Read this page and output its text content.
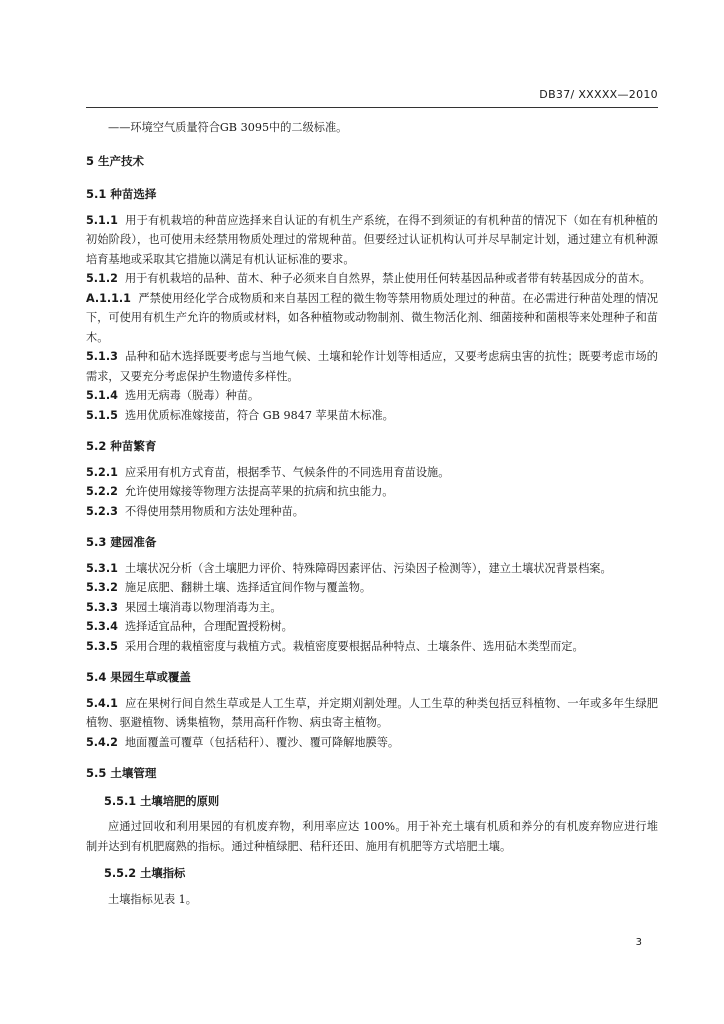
DB37/ XXXXX—2010

——环境空气质量符合GB 3095中的二级标准。

5 生产技术
5.1 种苗选择

5.1.1 用于有机栽培的种苗应选择来自认证的有机生产系统，在得不到须证的有机种苗的情况下（如在有机种植的初始阶段），也可使用未经禁用物质处理过的常规种苗。但要经过认证机构认可并尽早制定计划，通过建立有机种源培育基地或采取其它措施以满足有机认证标准的要求。

5.1.2 用于有机栽培的品种、苗木、种子必须来自自然界，禁止使用任何转基因品种或者带有转基因成分的苗木。

A.1.1.1 严禁使用经化学合成物质和来自基因工程的微生物等禁用物质处理过的种苗。在必需进行种苗处理的情况下，可使用有机生产允许的物质或材料，如各种植物或动物制剂、微生物活化剂、细菌接种和菌根等来处理种子和苗木。

5.1.3 品种和砧木选择既要考虑与当地气候、土壤和轮作计划等相适应，又要考虑病虫害的抗性；既要考虑市场的需求，又要充分考虑保护生物遗传多样性。

5.1.4 选用无病毒（脱毒）种苗。

5.1.5 选用优质标准嫁接苗，符合 GB 9847 苹果苗木标准。

5.2 种苗繁育

5.2.1 应采用有机方式育苗，根据季节、气候条件的不同选用育苗设施。

5.2.2 允许使用嫁接等物理方法提高苹果的抗病和抗虫能力。

5.2.3 不得使用禁用物质和方法处理种苗。

5.3 建园准备

5.3.1 土壤状况分析（含土壤肥力评价、特殊障碍因素评估、污染因子检测等），建立土壤状况背景档案。

5.3.2 施足底肥、翻耕土壤、选择适宜间作物与覆盖物。

5.3.3 果园土壤消毒以物理消毒为主。

5.3.4 选择适宜品种，合理配置授粉树。

5.3.5 采用合理的栽植密度与栽植方式。栽植密度要根据品种特点、土壤条件、选用砧木类型而定。

5.4 果园生草或覆盖

5.4.1 应在果树行间自然生草或是人工生草，并定期刈割处理。人工生草的种类包括豆科植物、一年或多年生绿肥植物、驱避植物、诱集植物，禁用高秆作物、病虫寄主植物。

5.4.2 地面覆盖可覆草（包括秸秆）、覆沙、覆可降解地膜等。

5.5 土壤管理
5.5.1 土壤培肥的原则

应通过回收和利用果园的有机废弃物，利用率应达 100%。用于补充土壤有机质和养分的有机废弃物应进行堆制并达到有机肥腐熟的指标。通过种植绿肥、秸秆还田、施用有机肥等方式培肥土壤。

5.5.2 土壤指标

土壤指标见表 1。

3
